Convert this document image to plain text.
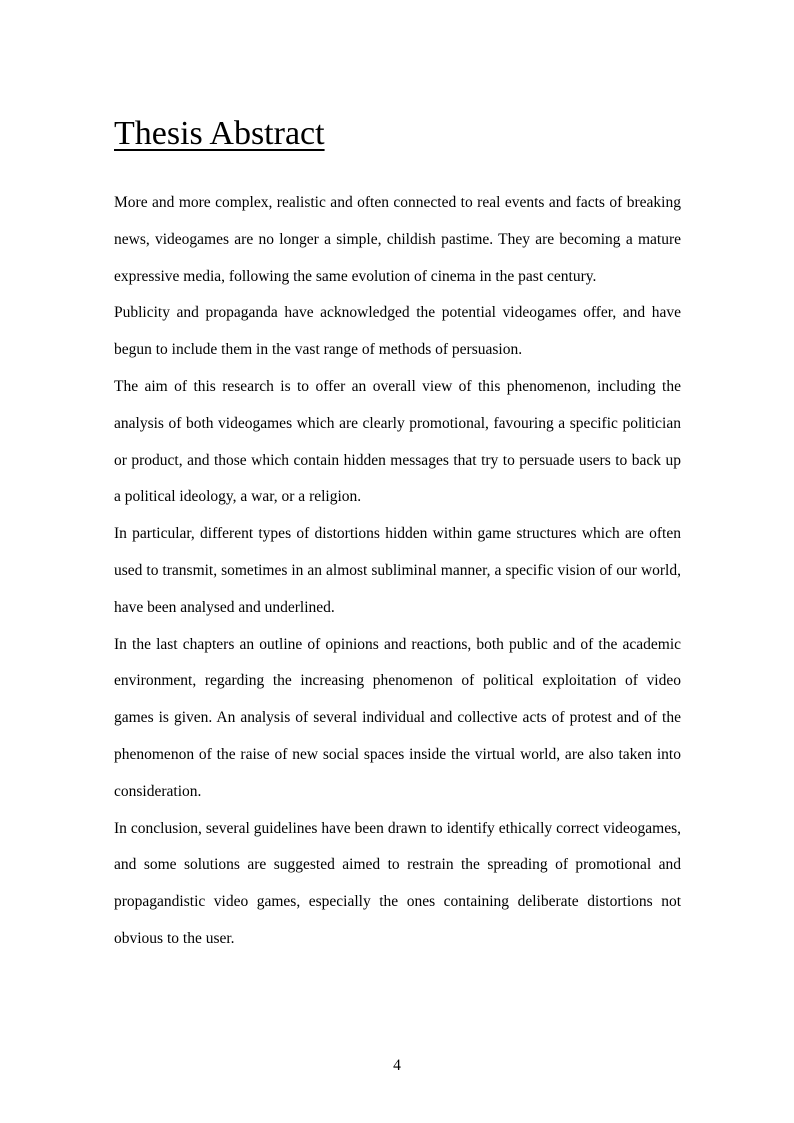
Thesis Abstract

More and more complex, realistic and often connected to real events and facts of breaking news, videogames are no longer a simple, childish pastime. They are becoming a mature expressive media, following the same evolution of cinema in the past century.

Publicity and propaganda have acknowledged the potential videogames offer, and have begun to include them in the vast range of methods of persuasion.

The aim of this research is to offer an overall view of this phenomenon, including the analysis of both videogames which are clearly promotional, favouring a specific politician or product, and those which contain hidden messages that try to persuade users to back up a political ideology, a war, or a religion.

In particular, different types of distortions hidden within game structures which are often used to transmit, sometimes in an almost subliminal manner, a specific vision of our world, have been analysed and underlined.

In the last chapters an outline of opinions and reactions, both public and of the academic environment, regarding the increasing phenomenon of political exploitation of video games is given. An analysis of several individual and collective acts of protest and of the phenomenon of the raise of new social spaces inside the virtual world, are also taken into consideration.

In conclusion, several guidelines have been drawn to identify ethically correct videogames, and some solutions are suggested aimed to restrain the spreading of promotional and propagandistic video games, especially the ones containing deliberate distortions not obvious to the user.

4
